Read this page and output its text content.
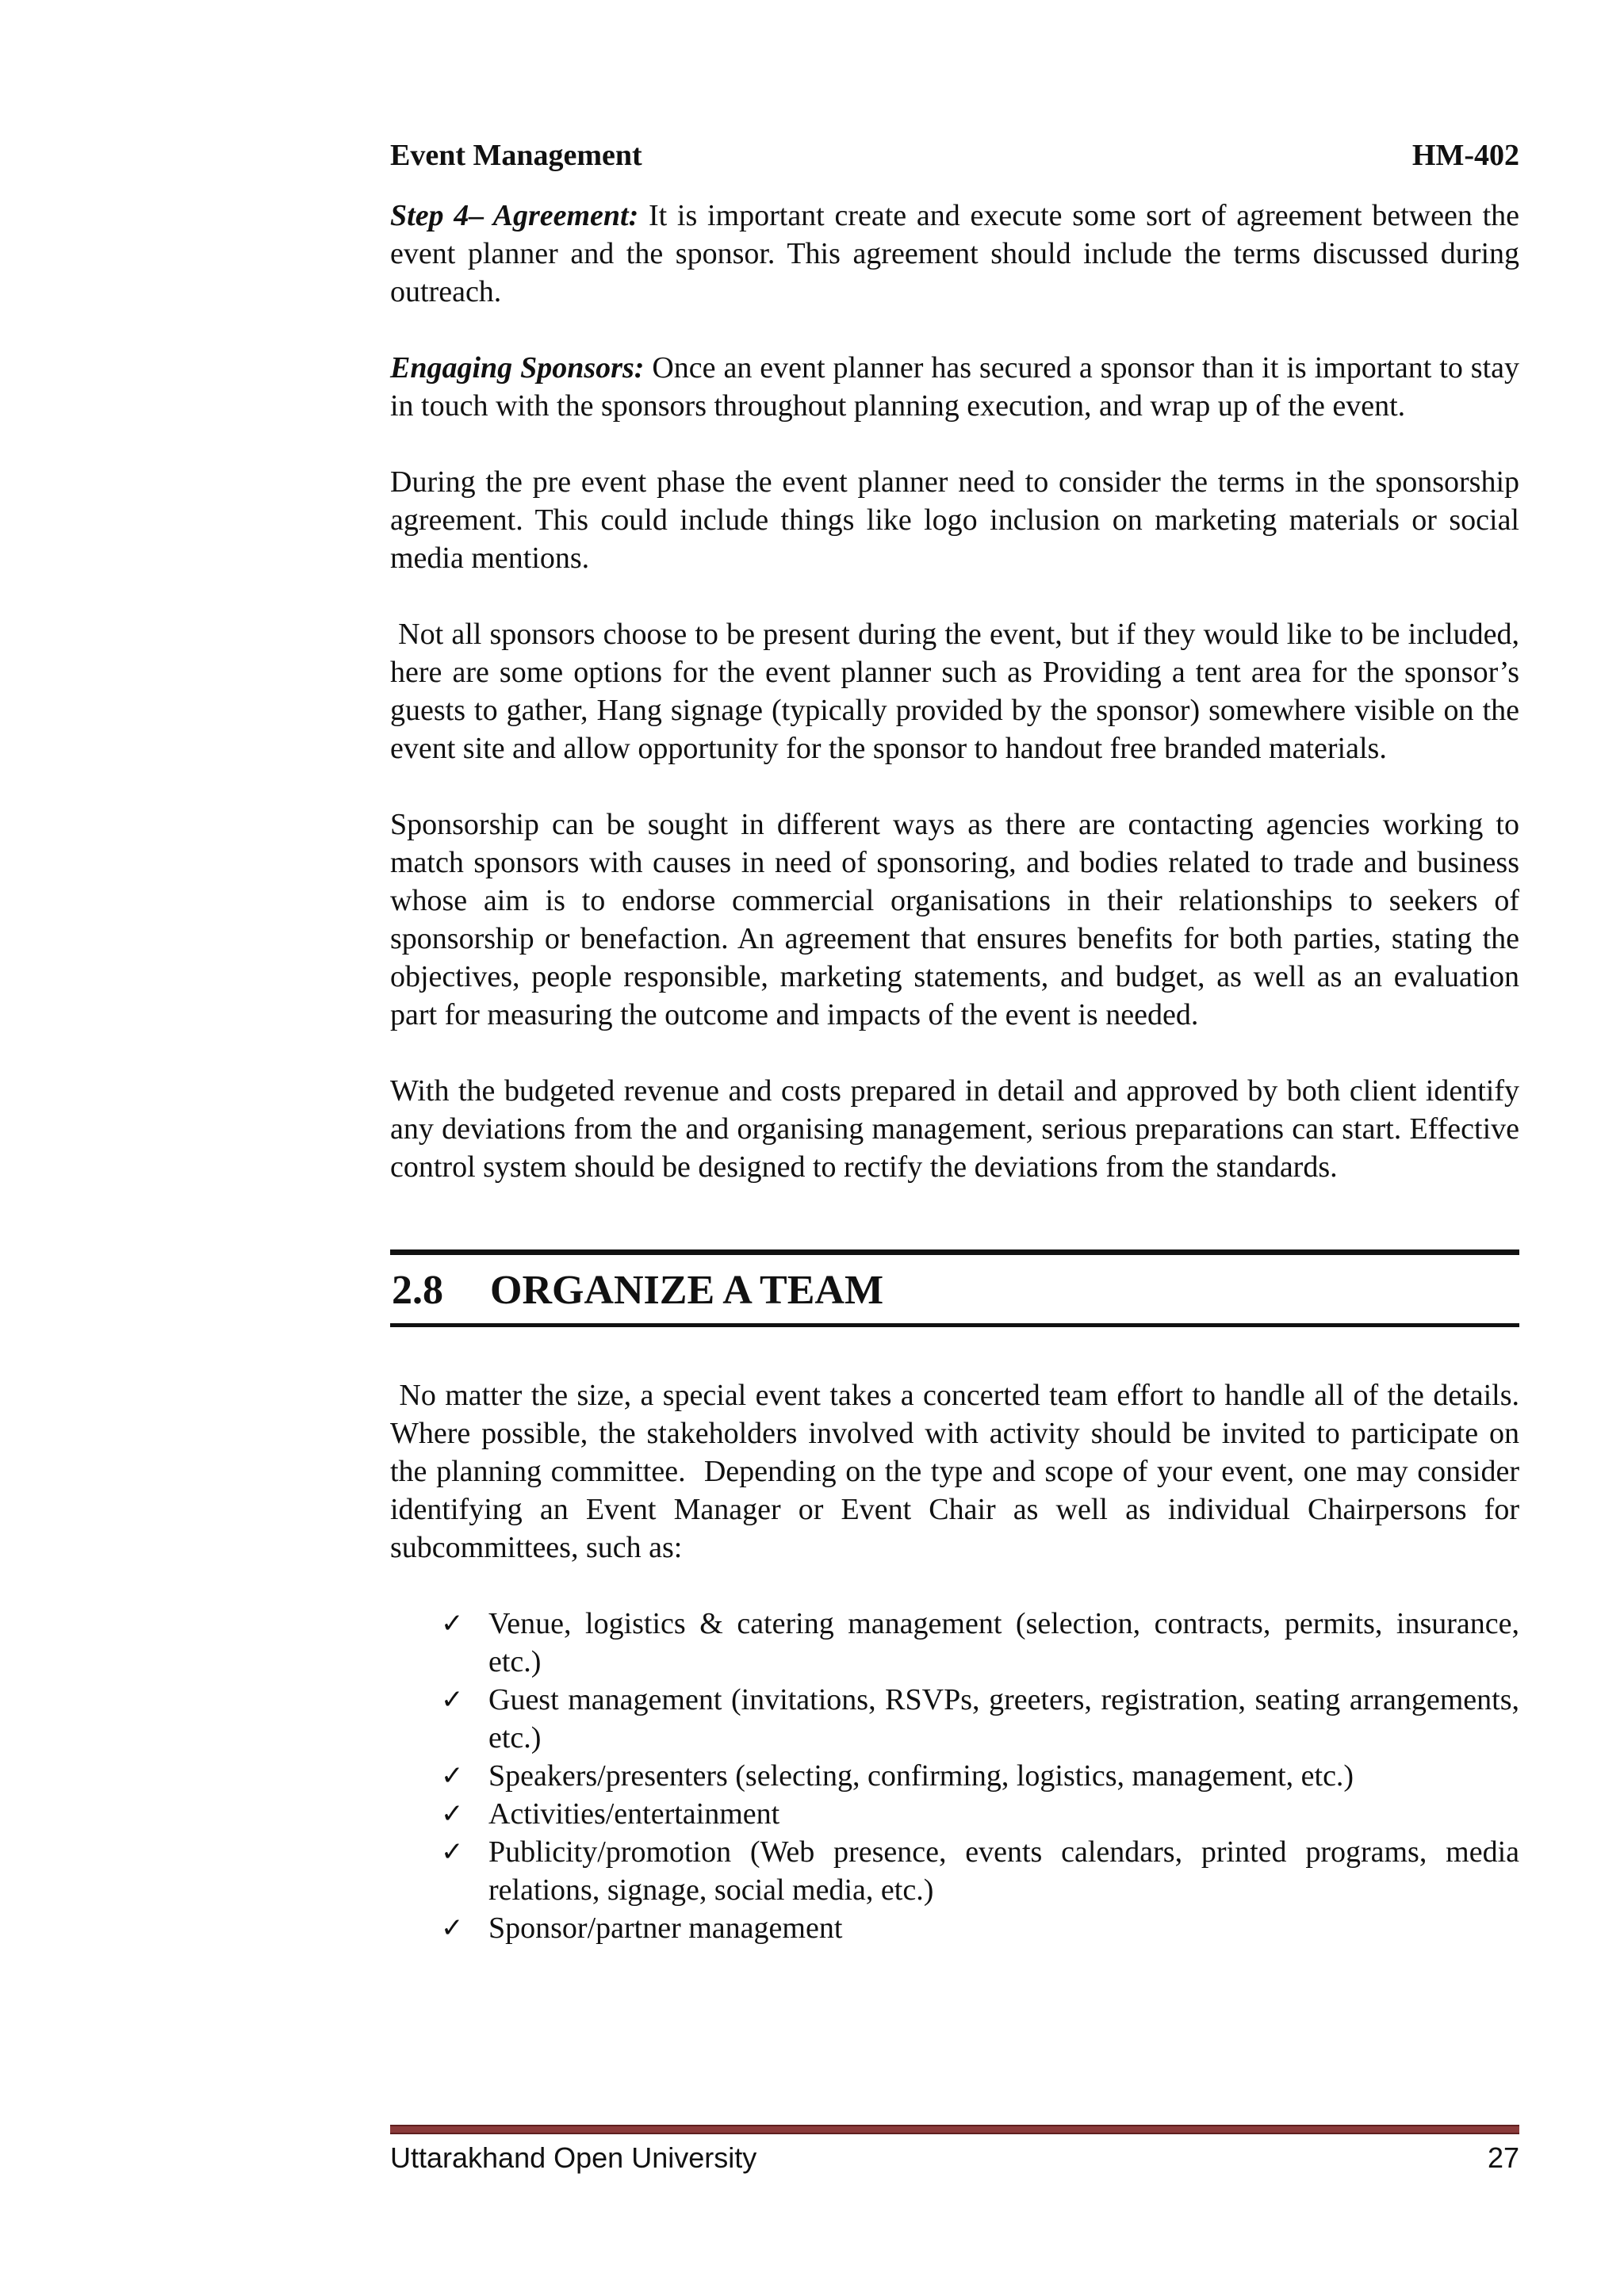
Event Management	HM-402

Step 4– Agreement: It is important create and execute some sort of agreement between the event planner and the sponsor. This agreement should include the terms discussed during outreach.

Engaging Sponsors: Once an event planner has secured a sponsor than it is important to stay in touch with the sponsors throughout planning execution, and wrap up of the event.

During the pre event phase the event planner need to consider the terms in the sponsorship agreement. This could include things like logo inclusion on marketing materials or social media mentions.

Not all sponsors choose to be present during the event, but if they would like to be included, here are some options for the event planner such as Providing a tent area for the sponsor’s guests to gather, Hang signage (typically provided by the sponsor) somewhere visible on the event site and allow opportunity for the sponsor to handout free branded materials.

Sponsorship can be sought in different ways as there are contacting agencies working to match sponsors with causes in need of sponsoring, and bodies related to trade and business whose aim is to endorse commercial organisations in their relationships to seekers of sponsorship or benefaction. An agreement that ensures benefits for both parties, stating the objectives, people responsible, marketing statements, and budget, as well as an evaluation part for measuring the outcome and impacts of the event is needed.

With the budgeted revenue and costs prepared in detail and approved by both client identify any deviations from the and organising management, serious preparations can start. Effective control system should be designed to rectify the deviations from the standards.

2.8 ORGANIZE A TEAM

No matter the size, a special event takes a concerted team effort to handle all of the details. Where possible, the stakeholders involved with activity should be invited to participate on the planning committee.  Depending on the type and scope of your event, one may consider identifying an Event Manager or Event Chair as well as individual Chairpersons for subcommittees, such as:

✓ Venue, logistics & catering management (selection, contracts, permits, insurance, etc.)
✓ Guest management (invitations, RSVPs, greeters, registration, seating arrangements, etc.)
✓ Speakers/presenters (selecting, confirming, logistics, management, etc.)
✓ Activities/entertainment
✓ Publicity/promotion (Web presence, events calendars, printed programs, media relations, signage, social media, etc.)
✓ Sponsor/partner management
Uttarakhand Open University	27
